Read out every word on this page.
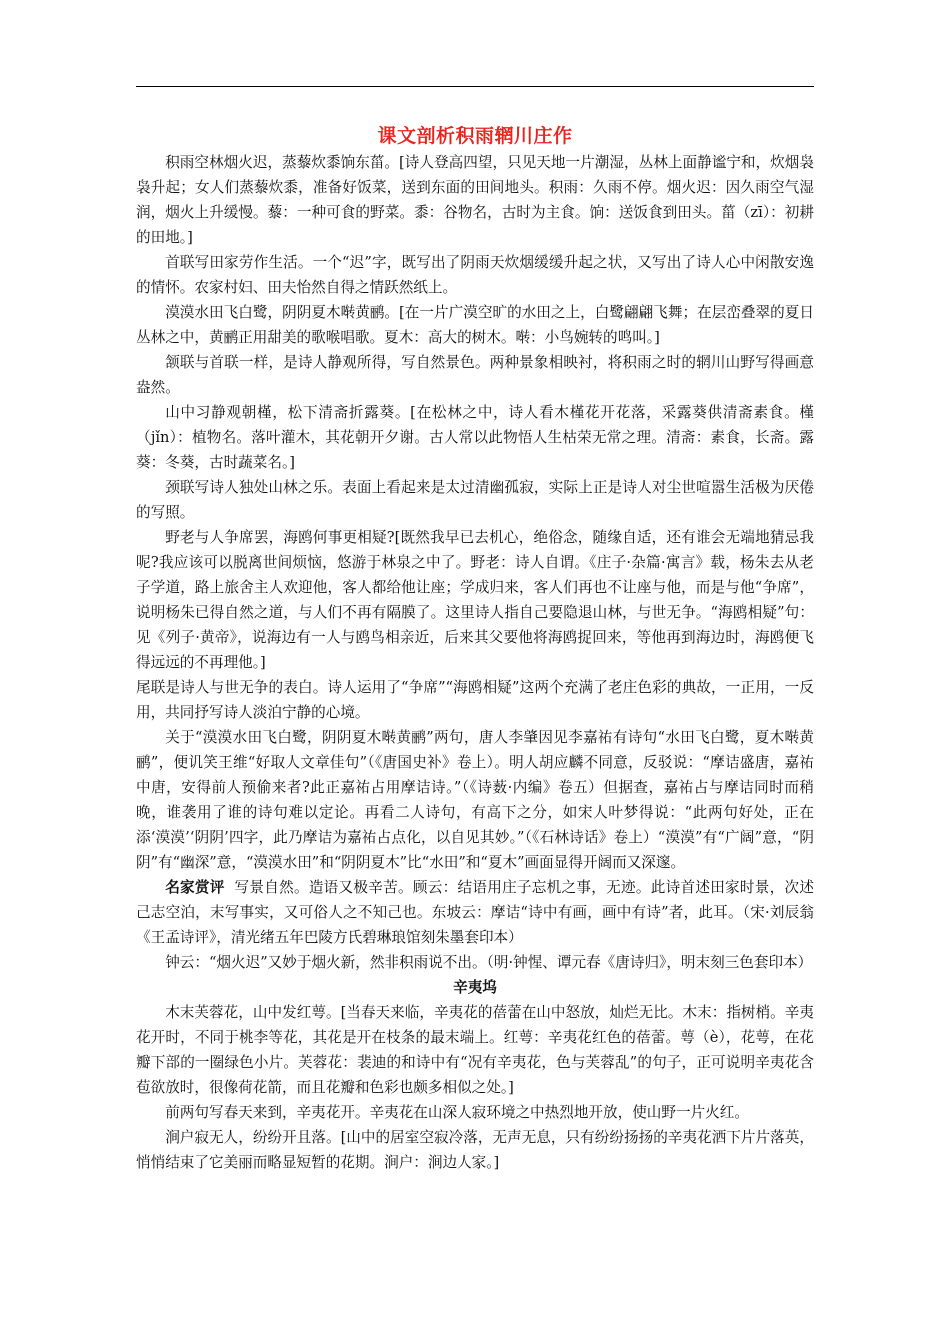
课文剖析积雨辋川庄作

积雨空林烟火迟，蒸藜炊黍饷东菑。[诗人登高四望，只见天地一片潮湿，丛林上面静谧宁和，炊烟袅袅升起；女人们蒸藜炊黍，准备好饭菜，送到东面的田间地头。积雨：久雨不停。烟火迟：因久雨空气湿润，烟火上升缓慢。藜：一种可食的野菜。黍：谷物名，古时为主食。饷：送饭食到田头。菑（zī）：初耕的田地。]

首联写田家劳作生活。一个“迟”字，既写出了阴雨天炊烟缓缓升起之状，又写出了诗人心中闲散安逸的情怀。农家村妇、田夫怡然自得之情跃然纸上。

漠漠水田飞白鹭，阴阴夏木啭黄鹂。[在一片广漠空旷的水田之上，白鹭翩翩飞舞；在层峦叠翠的夏日丛林之中，黄鹂正用甜美的歌喉唱歌。夏木：高大的树木。啭：小鸟婉转的鸣叫。]

颔联与首联一样，是诗人静观所得，写自然景色。两种景象相映衬，将积雨之时的辋川山野写得画意盎然。

山中习静观朝槿，松下清斋折露葵。[在松林之中，诗人看木槿花开花落，采露葵供清斋素食。槿（jǐn）：植物名。落叶灌木，其花朝开夕谢。古人常以此物悟人生枯荣无常之理。清斋：素食，长斋。露葵：冬葵，古时蔬菜名。]

颈联写诗人独处山林之乐。表面上看起来是太过清幽孤寂，实际上正是诗人对尘世喧嚣生活极为厌倦的写照。

野老与人争席罢，海鸥何事更相疑?[既然我早已去机心，绝俗念，随缘自适，还有谁会无端地猜忌我呢?我应该可以脱离世间烦恼，悠游于林泉之中了。野老：诗人自谓。《庄子·杂篇·寓言》载，杨朱去从老子学道，路上旅舍主人欢迎他，客人都给他让座；学成归来，客人们再也不让座与他，而是与他“争席”，说明杨朱已得自然之道，与人们不再有隔膜了。这里诗人指自己要隐退山林，与世无争。“海鸥相疑”句：见《列子·黄帝》，说海边有一人与鸥鸟相亲近，后来其父要他将海鸥捉回来，等他再到海边时，海鸥便飞得远远的不再理他。]

尾联是诗人与世无争的表白。诗人运用了“争席”“海鸥相疑”这两个充满了老庄色彩的典故，一正用，一反用，共同抒写诗人淡泊宁静的心境。

关于“漠漠水田飞白鹭，阴阴夏木啭黄鹂”两句，唐人李肇因见李嘉祐有诗句“水田飞白鹭，夏木啭黄鹂”，便讥笑王维“好取人文章佳句”（《唐国史补》卷上）。明人胡应麟不同意，反驳说：“摩诘盛唐，嘉祐中唐，安得前人预偷来者?此正嘉祐占用摩诘诗。”（《诗薮·内编》卷五）但据查，嘉祐占与摩诘同时而稍晚，谁袭用了谁的诗句难以定论。再看二人诗句，有高下之分，如宋人叶梦得说：“此两句好处，正在添‘漠漠’‘阴阴’四字，此乃摩诘为嘉祐占点化，以自见其妙。”（《石林诗话》卷上）“漠漠”有“广阔”意，“阴阴”有“幽深”意，“漠漠水田”和“阴阴夏木”比“水田”和“夏木”画面显得开阔而又深邃。

名家赏评 写景自然。造语又极辛苦。顾云：结语用庄子忘机之事，无迹。此诗首述田家时景，次述己志空泊，末写事实，又可俗人之不知己也。东坡云：摩诘“诗中有画，画中有诗”者，此耳。（宋·刘辰翁《王孟诗评》，清光绪五年巴陵方氏碧琳琅馆刻朱墨套印本）

钟云：“烟火迟”又妙于烟火新，然非积雨说不出。（明·钟惺、谭元春《唐诗归》，明末刻三色套印本）

辛夷坞

木末芙蓉花，山中发红萼。[当春天来临，辛夷花的蓓蕾在山中怒放，灿烂无比。木末：指树梢。辛夷花开时，不同于桃李等花，其花是开在枝条的最末端上。红萼：辛夷花红色的蓓蕾。萼（è），花萼，在花瓣下部的一圈绿色小片。芙蓉花：裴迪的和诗中有“况有辛夷花，色与芙蓉乱”的句子，正可说明辛夷花含苞欲放时，很像荷花箭，而且花瓣和色彩也颇多相似之处。]

前两句写春天来到，辛夷花开。辛夷花在山深人寂环境之中热烈地开放，使山野一片火红。

涧户寂无人，纷纷开且落。[山中的居室空寂冷落，无声无息，只有纷纷扬扬的辛夷花洒下片片落英，悄悄结束了它美丽而略显短暂的花期。涧户：涧边人家。]
